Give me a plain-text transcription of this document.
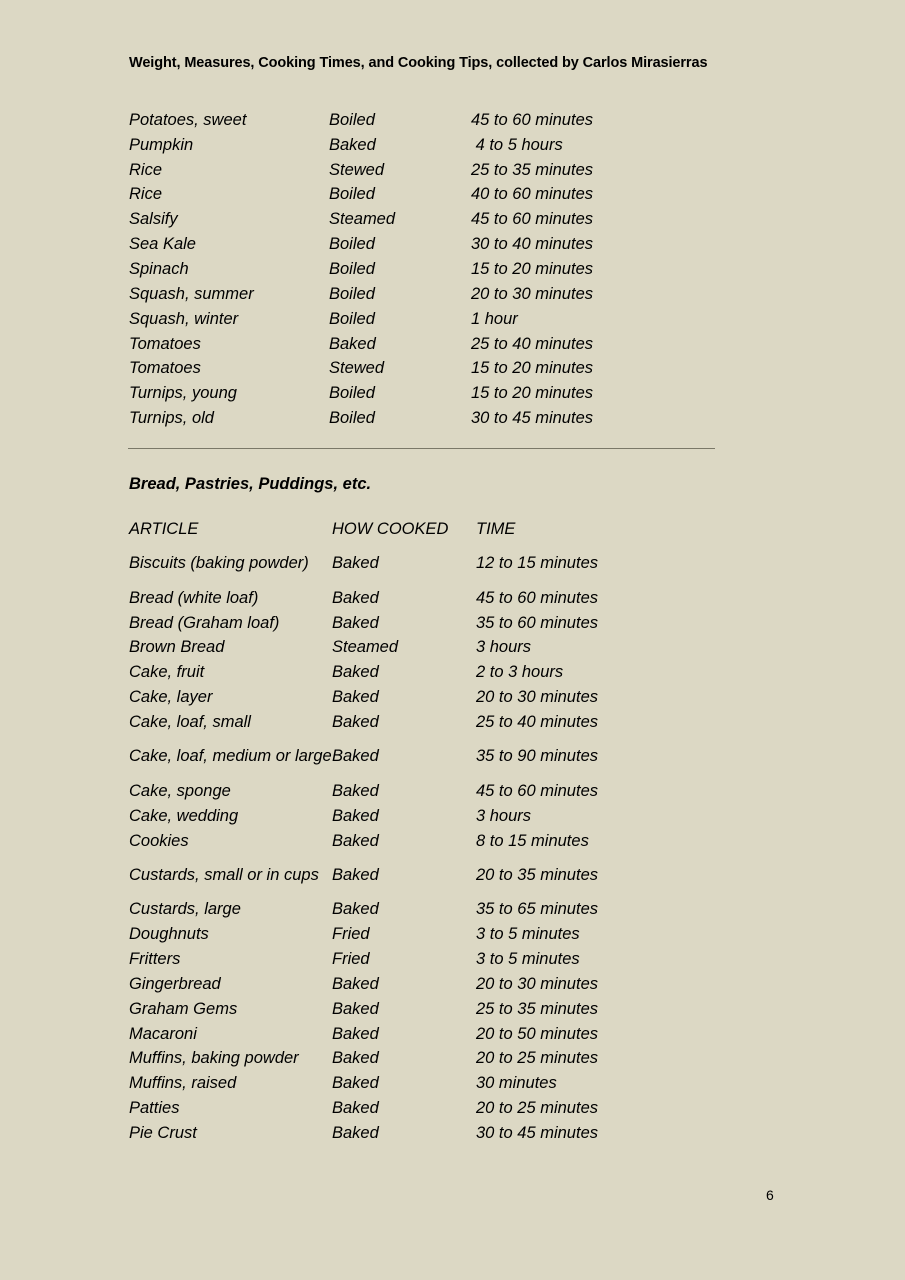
Weight, Measures, Cooking Times, and Cooking Tips, collected by Carlos Mirasierras
Potatoes, sweet	Boiled	45 to 60 minutes
Pumpkin	Baked	4 to 5 hours
Rice	Stewed	25 to 35 minutes
Rice	Boiled	40 to 60 minutes
Salsify	Steamed	45 to 60 minutes
Sea Kale	Boiled	30 to 40 minutes
Spinach	Boiled	15 to 20 minutes
Squash, summer	Boiled	20 to 30 minutes
Squash, winter	Boiled	1 hour
Tomatoes	Baked	25 to 40 minutes
Tomatoes	Stewed	15 to 20 minutes
Turnips, young	Boiled	15 to 20 minutes
Turnips, old	Boiled	30 to 45 minutes
Bread, Pastries, Puddings, etc.
ARTICLE	HOW COOKED	TIME
Biscuits (baking powder)	Baked	12 to 15 minutes
Bread (white loaf)	Baked	45 to 60 minutes
Bread (Graham loaf)	Baked	35 to 60 minutes
Brown Bread	Steamed	3 hours
Cake, fruit	Baked	2 to 3 hours
Cake, layer	Baked	20 to 30 minutes
Cake, loaf, small	Baked	25 to 40 minutes
Cake, loaf, medium or large Baked	35 to 90 minutes
Cake, sponge	Baked	45 to 60 minutes
Cake, wedding	Baked	3 hours
Cookies	Baked	8 to 15 minutes
Custards, small or in cups Baked	20 to 35 minutes
Custards, large	Baked	35 to 65 minutes
Doughnuts	Fried	3 to 5 minutes
Fritters	Fried	3 to 5 minutes
Gingerbread	Baked	20 to 30 minutes
Graham Gems	Baked	25 to 35 minutes
Macaroni	Baked	20 to 50 minutes
Muffins, baking powder	Baked	20 to 25 minutes
Muffins, raised	Baked	30 minutes
Patties	Baked	20 to 25 minutes
Pie Crust	Baked	30 to 45 minutes
6
